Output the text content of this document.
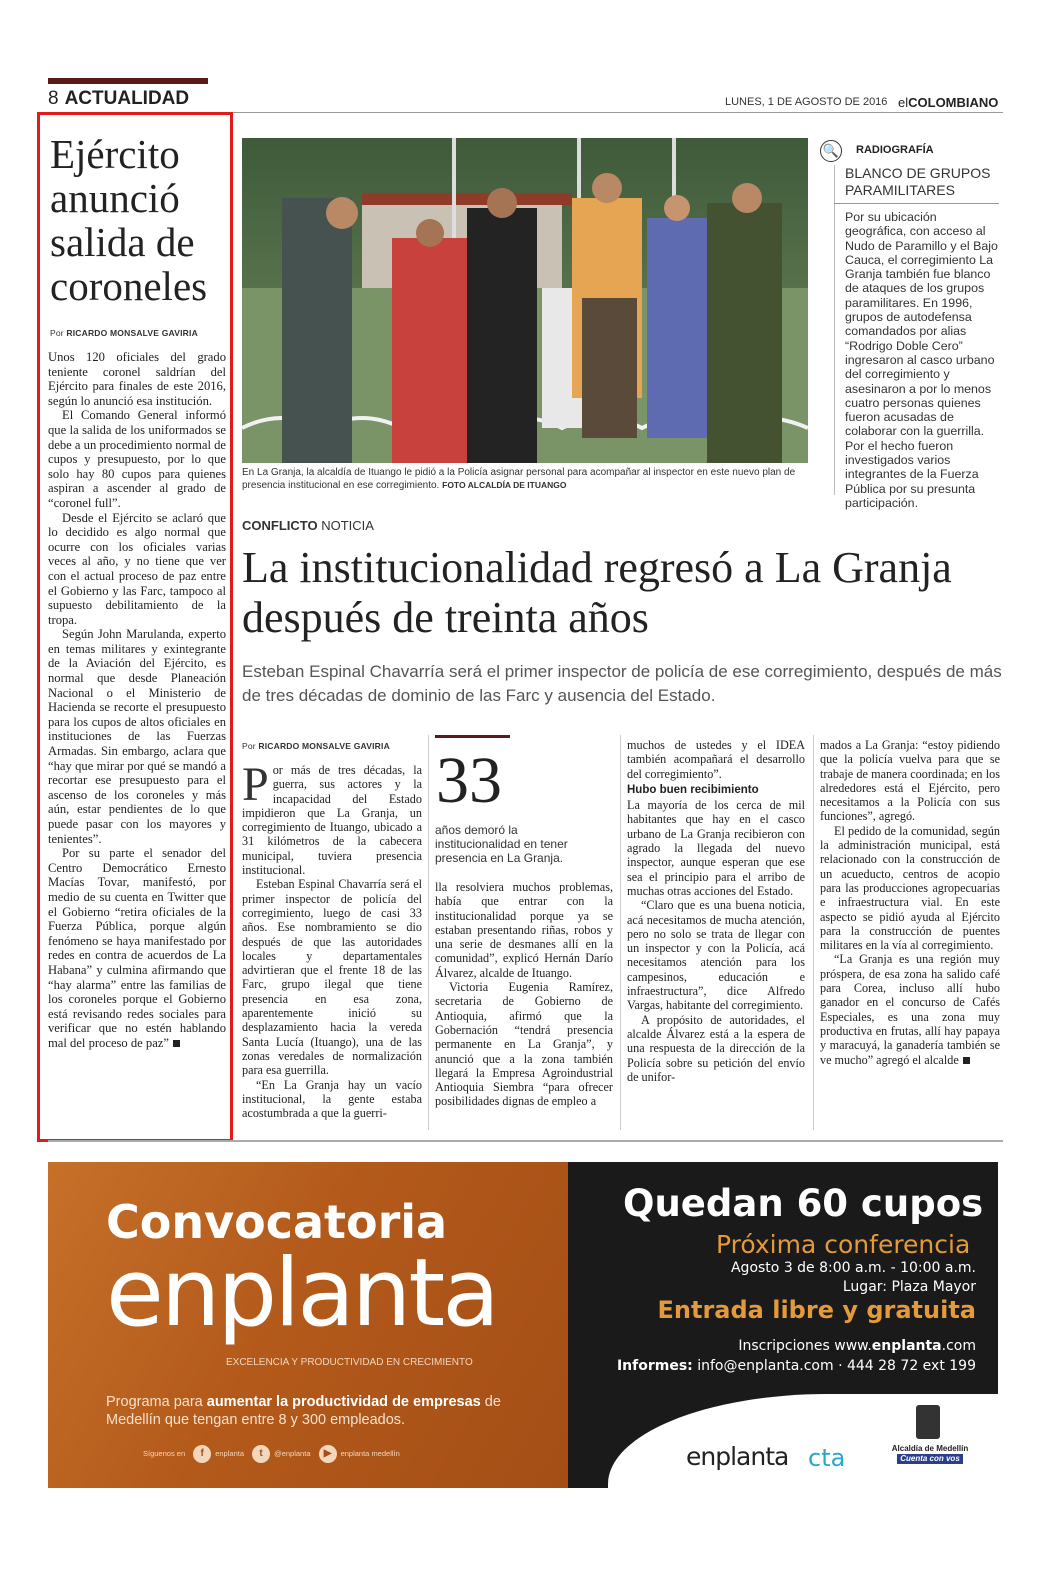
8 ACTUALIDAD	LUNES, 1 DE AGOSTO DE 2016 elCOLOMBIANO
Ejército anunció salida de coroneles
Por RICARDO MONSALVE GAVIRIA

Unos 120 oficiales del grado teniente coronel saldrían del Ejército para finales de este 2016, según lo anunció esa institución.

El Comando General informó que la salida de los uniformados se debe a un procedimiento normal de cupos y presupuesto, por lo que solo hay 80 cupos para quienes aspiran a ascender al grado de “coronel full”.

Desde el Ejército se aclaró que lo decidido es algo normal que ocurre con los oficiales varias veces al año, y no tiene que ver con el actual proceso de paz entre el Gobierno y las Farc, tampoco al supuesto debilitamiento de la tropa.

Según John Marulanda, experto en temas militares y exintegrante de la Aviación del Ejército, es normal que desde Planeación Nacional o el Ministerio de Hacienda se recorte el presupuesto para los cupos de altos oficiales en instituciones de las Fuerzas Armadas. Sin embargo, aclara que “hay que mirar por qué se mandó a recortar ese presupuesto para el ascenso de los coroneles y más aún, estar pendientes de lo que puede pasar con los mayores y tenientes”.

Por su parte el senador del Centro Democrático Ernesto Macías Tovar, manifestó, por medio de su cuenta en Twitter que el Gobierno “retira oficiales de la Fuerza Pública, porque algún fenómeno se haya manifestado por redes en contra de acuerdos de La Habana” y culmina afirmando que “hay alarma” entre las familias de los coroneles porque el Gobierno está revisando redes sociales para verificar que no estén hablando mal del proceso de paz”

En La Granja, la alcaldía de Ituango le pidió a la Policía asignar personal para acompañar al inspector en este nuevo plan de presencia institucional en ese corregimiento. FOTO ALCALDÍA DE ITUANGO
🔍 RADIOGRAFÍA
BLANCO DE GRUPOS PARAMILITARES
Por su ubicación geográfica, con acceso al Nudo de Paramillo y el Bajo Cauca, el corregimiento La Granja también fue blanco de ataques de los grupos paramilitares. En 1996, grupos de autodefensa comandados por alias “Rodrigo Doble Cero” ingresaron al casco urbano del corregimiento y asesinaron a por lo menos cuatro personas quienes fueron acusadas de colaborar con la guerrilla. Por el hecho fueron investigados varios integrantes de la Fuerza Pública por su presunta participación.
CONFLICTO NOTICIA
La institucionalidad regresó a La Granja después de treinta años
Esteban Espinal Chavarría será el primer inspector de policía de ese corregimiento, después de más de tres décadas de dominio de las Farc y ausencia del Estado.
Por RICARDO MONSALVE GAVIRIA

Por más de tres décadas, la guerra, sus actores y la incapacidad del Estado impidieron que La Granja, un corregimiento de Ituango, ubicado a 31 kilómetros de la cabecera municipal, tuviera presencia institucional.

Esteban Espinal Chavarría será el primer inspector de policía del corregimiento, luego de casi 33 años. Ese nombramiento se dio después de que las autoridades locales y departamentales advirtieran que el frente 18 de las Farc, grupo ilegal que tiene presencia en esa zona, aparentemente inició su desplazamiento hacia la vereda Santa Lucía (Ituango), una de las zonas veredales de normalización para esa guerrilla.

“En La Granja hay un vacío institucional, la gente estaba acostumbrada a que la guerri-

33
años demoró la institucionalidad en tener presencia en La Granja.

lla resolviera muchos problemas, había que entrar con la institucionalidad porque ya se estaban presentando riñas, robos y una serie de desmanes allí en la comunidad”, explicó Hernán Darío Álvarez, alcalde de Ituango.

Victoria Eugenia Ramírez, secretaria de Gobierno de Antioquia, afirmó que la Gobernación “tendrá presencia permanente en La Granja”, y anunció que a la zona también llegará la Empresa Agroindustrial Antioquia Siembra “para ofrecer posibilidades dignas de empleo a

muchos de ustedes y el IDEA también acompañará el desarrollo del corregimiento”.

Hubo buen recibimiento

La mayoría de los cerca de mil habitantes que hay en el casco urbano de La Granja recibieron con agrado la llegada del nuevo inspector, aunque esperan que ese sea el principio para el arribo de muchas otras acciones del Estado.

“Claro que es una buena noticia, acá necesitamos de mucha atención, pero no solo se trata de llegar con un inspector y con la Policía, acá necesitamos atención para los campesinos, educación e infraestructura”, dice Alfredo Vargas, habitante del corregimiento.

A propósito de autoridades, el alcalde Álvarez está a la espera de una respuesta de la dirección de la Policía sobre su petición del envío de unifor-

mados a La Granja: “estoy pidiendo que la policía vuelva para que se trabaje de manera coordinada; en los alrededores está el Ejército, pero necesitamos a la Policía con sus funciones”, agregó.

El pedido de la comunidad, según la administración municipal, está relacionado con la construcción de un acueducto, centros de acopio para las producciones agropecuarias e infraestructura vial. En este aspecto se pidió ayuda al Ejército para la construcción de puentes militares en la vía al corregimiento.

“La Granja es una región muy próspera, de esa zona ha salido café para Corea, incluso allí hubo ganador en el concurso de Cafés Especiales, es una zona muy productiva en frutas, allí hay papaya y maracuyá, la ganadería también se ve mucho” agregó el alcalde

Convocatoria
enplanta
EXCELENCIA Y PRODUCTIVIDAD EN CRECIMIENTO
Programa para aumentar la productividad de empresas de Medellín que tengan entre 8 y 300 empleados.
Síguenos en f enplanta t @enplanta ▶ enplanta medellín
Quedan 60 cupos
Próxima conferencia
Agosto 3 de 8:00 a.m. - 10:00 a.m.
Lugar: Plaza Mayor
Entrada libre y gratuita
Inscripciones www.enplanta.com
Informes: info@enplanta.com · 444 28 72 ext 199
enplanta cta	Alcaldía de Medellín
Cuenta con vos
